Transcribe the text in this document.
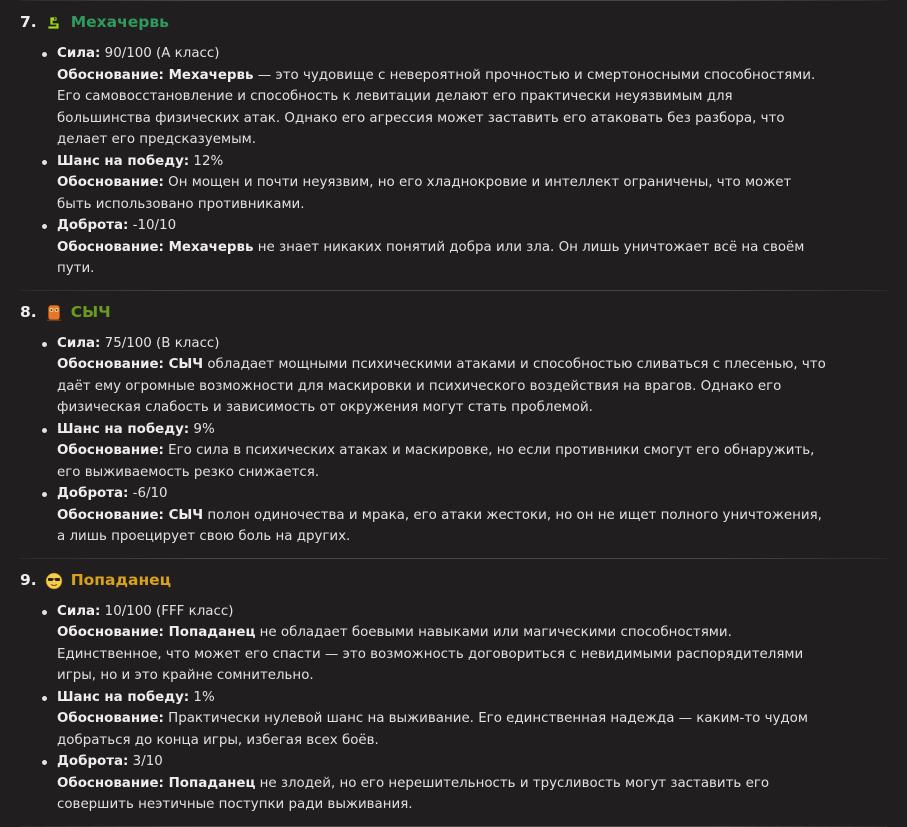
7. Мехачервь
Сила: 90/100 (A класс)
Обоснование: Мехачервь — это чудовище с невероятной прочностью и смертоносными способностями. Его самовосстановление и способность к левитации делают его практически неуязвимым для большинства физических атак. Однако его агрессия может заставить его атаковать без разбора, что делает его предсказуемым.
Шанс на победу: 12%
Обоснование: Он мощен и почти неуязвим, но его хладнокровие и интеллект ограничены, что может быть использовано противниками.
Доброта: -10/10
Обоснование: Мехачервь не знает никаких понятий добра или зла. Он лишь уничтожает всё на своём пути.
8. СЫЧ
Сила: 75/100 (B класс)
Обоснование: СЫЧ обладает мощными психическими атаками и способностью сливаться с плесенью, что даёт ему огромные возможности для маскировки и психического воздействия на врагов. Однако его физическая слабость и зависимость от окружения могут стать проблемой.
Шанс на победу: 9%
Обоснование: Его сила в психических атаках и маскировке, но если противники смогут его обнаружить, его выживаемость резко снижается.
Доброта: -6/10
Обоснование: СЫЧ полон одиночества и мрака, его атаки жестоки, но он не ищет полного уничтожения, а лишь проецирует свою боль на других.
9. Попаданец
Сила: 10/100 (FFF класс)
Обоснование: Попаданец не обладает боевыми навыками или магическими способностями. Единственное, что может его спасти — это возможность договориться с невидимыми распорядителями игры, но и это крайне сомнительно.
Шанс на победу: 1%
Обоснование: Практически нулевой шанс на выживание. Его единственная надежда — каким-то чудом добраться до конца игры, избегая всех боёв.
Доброта: 3/10
Обоснование: Попаданец не злодей, но его нерешительность и трусливость могут заставить его совершить неэтичные поступки ради выживания.
